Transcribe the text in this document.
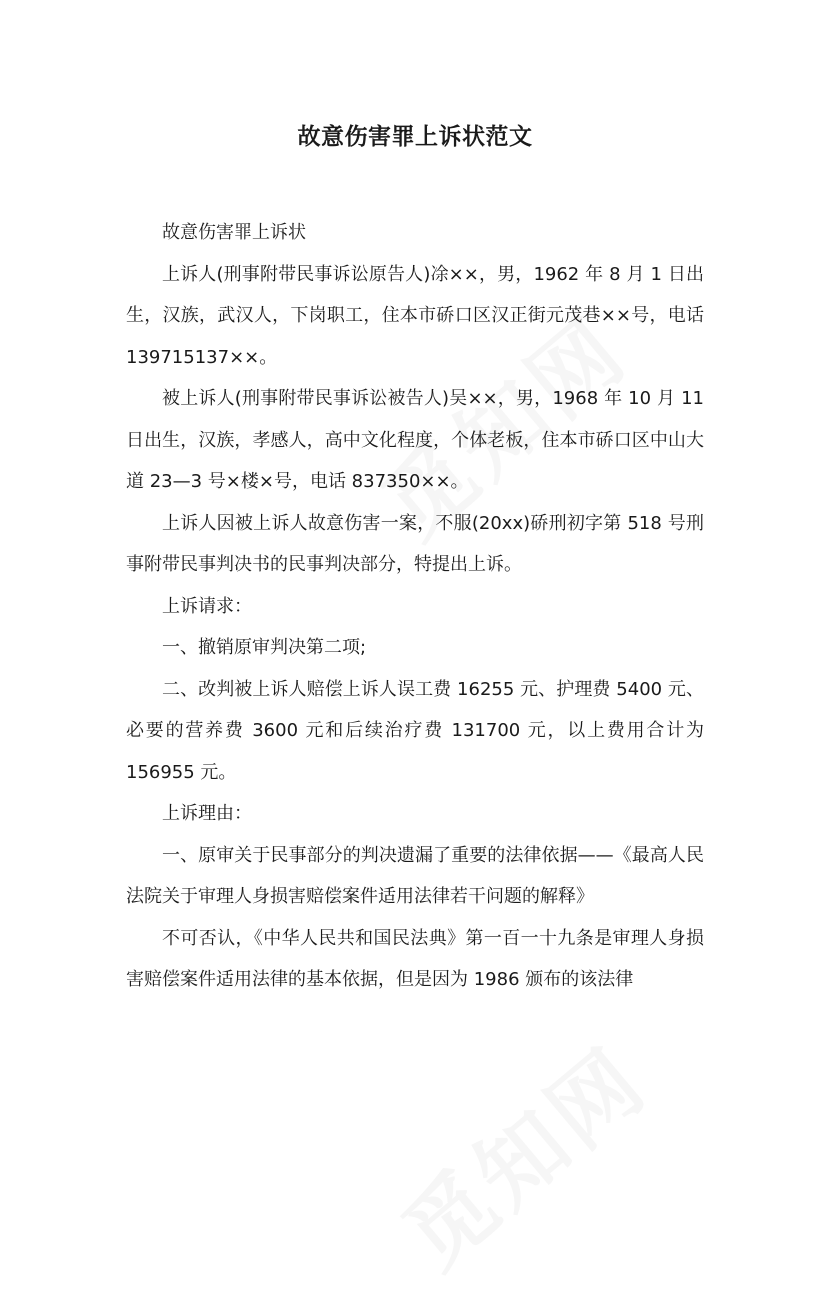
故意伤害罪上诉状范文

故意伤害罪上诉状

上诉人(刑事附带民事诉讼原告人)凃××，男，1962 年 8 月 1 日出生，汉族，武汉人，下岗职工，住本市硚口区汉正街元茂巷××号，电话 139715137××。

被上诉人(刑事附带民事诉讼被告人)吴××，男，1968 年 10 月 11 日出生，汉族，孝感人，高中文化程度，个体老板，住本市硚口区中山大道 23—3 号×楼×号，电话 837350××。

上诉人因被上诉人故意伤害一案，不服(20xx)硚刑初字第 518 号刑事附带民事判决书的民事判决部分，特提出上诉。

上诉请求：

一、撤销原审判决第二项;

二、改判被上诉人赔偿上诉人误工费 16255 元、护理费 5400 元、必要的营养费 3600 元和后续治疗费 131700 元，以上费用合计为 156955 元。

上诉理由：

一、原审关于民事部分的判决遗漏了重要的法律依据——《最高人民法院关于审理人身损害赔偿案件适用法律若干问题的解释》

不可否认，《中华人民共和国民法典》第一百一十九条是审理人身损害赔偿案件适用法律的基本依据，但是因为 1986 颁布的该法律
